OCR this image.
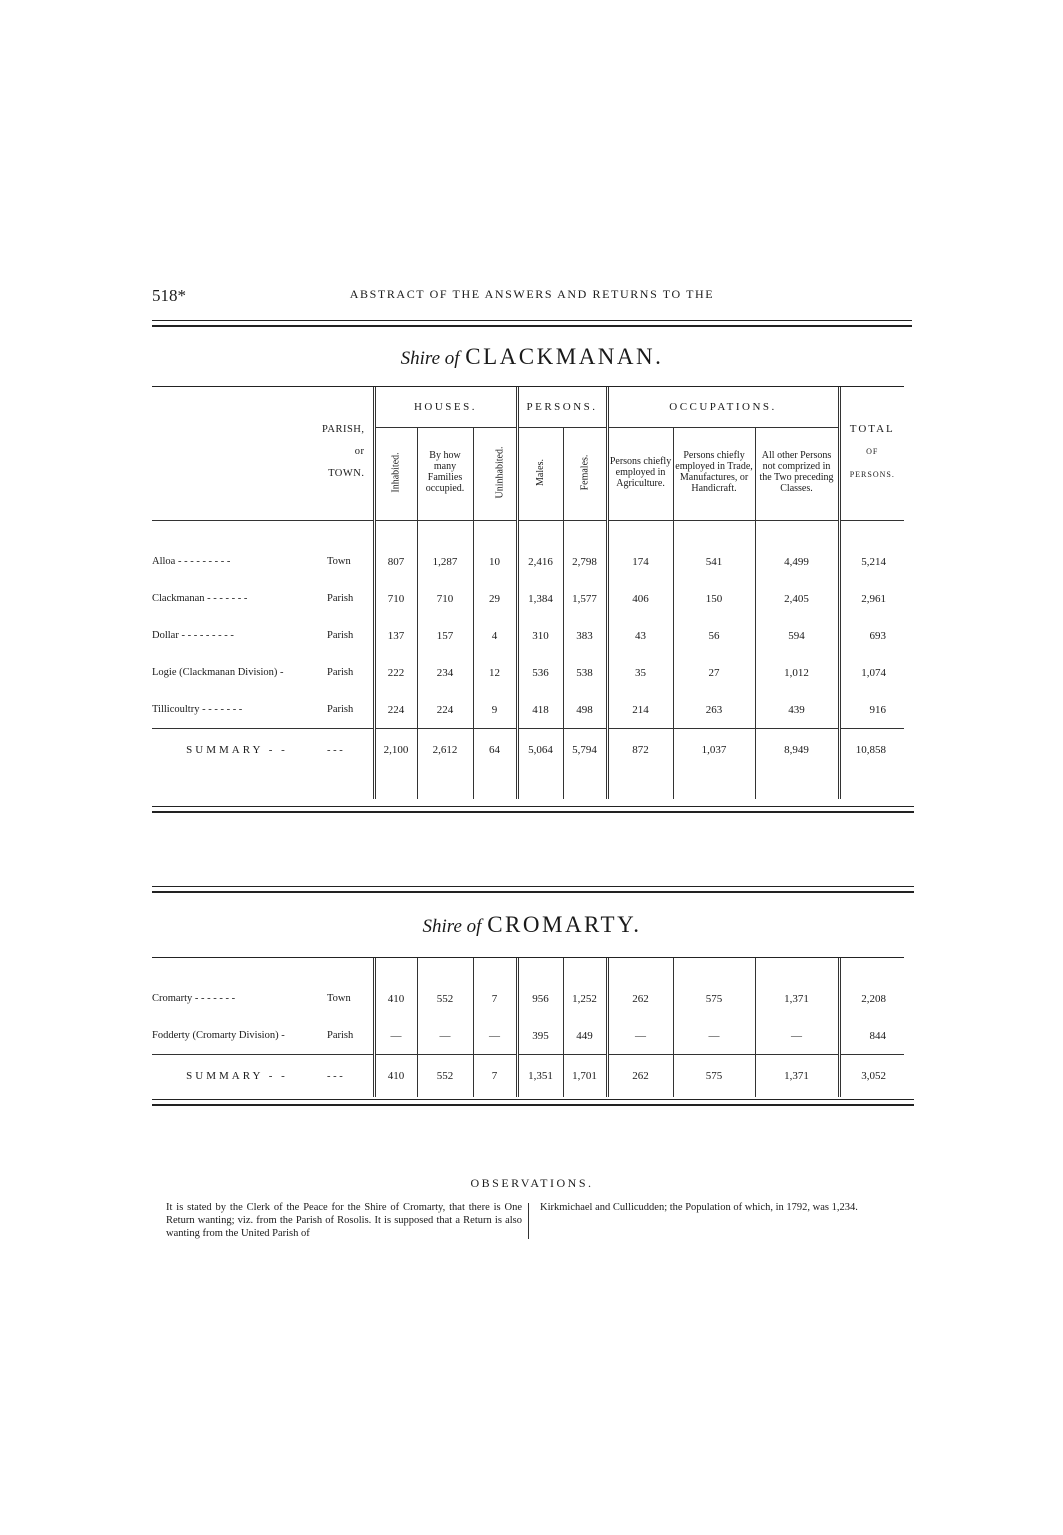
518*	ABSTRACT OF THE ANSWERS AND RETURNS TO THE
Shire of CLACKMANAN.
	PARISH,
or
TOWN.	HOUSES.			PERSONS.		OCCUPATIONS.			TOTAL
OF
PERSONS.
		Inhabited.	By how many Families occupied.	Uninhabited.	Males.	Females.	Persons chiefly employed in Agriculture.	Persons chiefly employed in Trade, Manufactures, or Handicraft.	All other Persons not comprized in the Two preceding Classes.	

Alloa - - - - - - - - -	Town	807	1,287	10	2,416	2,798	174	541	4,499	5,214
Clackmanan - - - - - - -	Parish	710	710	29	1,384	1,577	406	150	2,405	2,961
Dollar - - - - - - - - -	Parish	137	157	4	310	383	43	56	594	693
Logie (Clackmanan Division) -	Parish	222	234	12	536	538	35	27	1,012	1,074
Tillicoultry - - - - - - -	Parish	224	224	9	418	498	214	263	439	916
SUMMARY - -	- - -	2,100	2,612	64	5,064	5,794	872	1,037	8,949	10,858

Shire of CROMARTY.

Cromarty - - - - - - -	Town	410	552	7	956	1,252	262	575	1,371	2,208
Fodderty (Cromarty Division) -	Parish	—	—	—	395	449	—	—	—	844
SUMMARY - -	- - -	410	552	7	1,351	1,701	262	575	1,371	3,052
OBSERVATIONS.
It is stated by the Clerk of the Peace for the Shire of Cromarty, that there is One Return wanting; viz. from the Parish of Rosolis. It is supposed that a Return is also wanting from the United Parish of
Kirkmichael and Cullicudden; the Population of which, in 1792, was 1,234.
